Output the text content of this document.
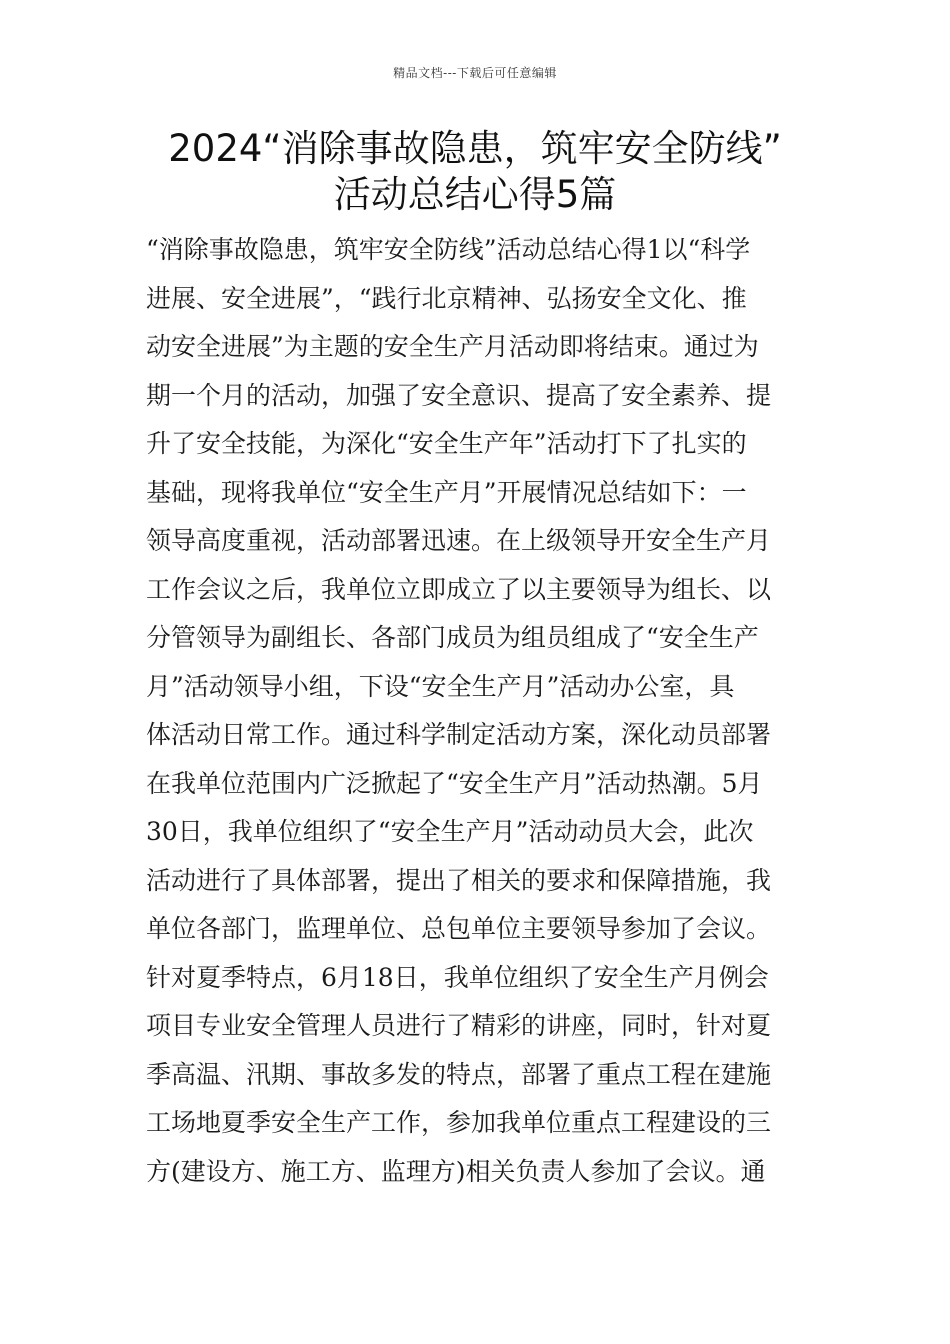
精品文档---下载后可任意编辑
2024“消除事故隐患，筑牢安全防线”
活动总结心得5篇
“消除事故隐患，筑牢安全防线”活动总结心得1以“科学
进展、安全进展”，“践行北京精神、弘扬安全文化、推
动安全进展”为主题的安全生产月活动即将结束。通过为
期一个月的活动，加强了安全意识、提高了安全素养、提
升了安全技能，为深化“安全生产年”活动打下了扎实的
基础，现将我单位“安全生产月”开展情况总结如下：一
领导高度重视，活动部署迅速。在上级领导开安全生产月
工作会议之后，我单位立即成立了以主要领导为组长、以
分管领导为副组长、各部门成员为组员组成了“安全生产
月”活动领导小组，下设“安全生产月”活动办公室，具
体活动日常工作。通过科学制定活动方案，深化动员部署
在我单位范围内广泛掀起了“安全生产月”活动热潮。5月
30日，我单位组织了“安全生产月”活动动员大会，此次
活动进行了具体部署，提出了相关的要求和保障措施，我
单位各部门，监理单位、总包单位主要领导参加了会议。
针对夏季特点，6月18日，我单位组织了安全生产月例会
项目专业安全管理人员进行了精彩的讲座，同时，针对夏
季高温、汛期、事故多发的特点，部署了重点工程在建施
工场地夏季安全生产工作，参加我单位重点工程建设的三
方(建设方、施工方、监理方)相关负责人参加了会议。通
